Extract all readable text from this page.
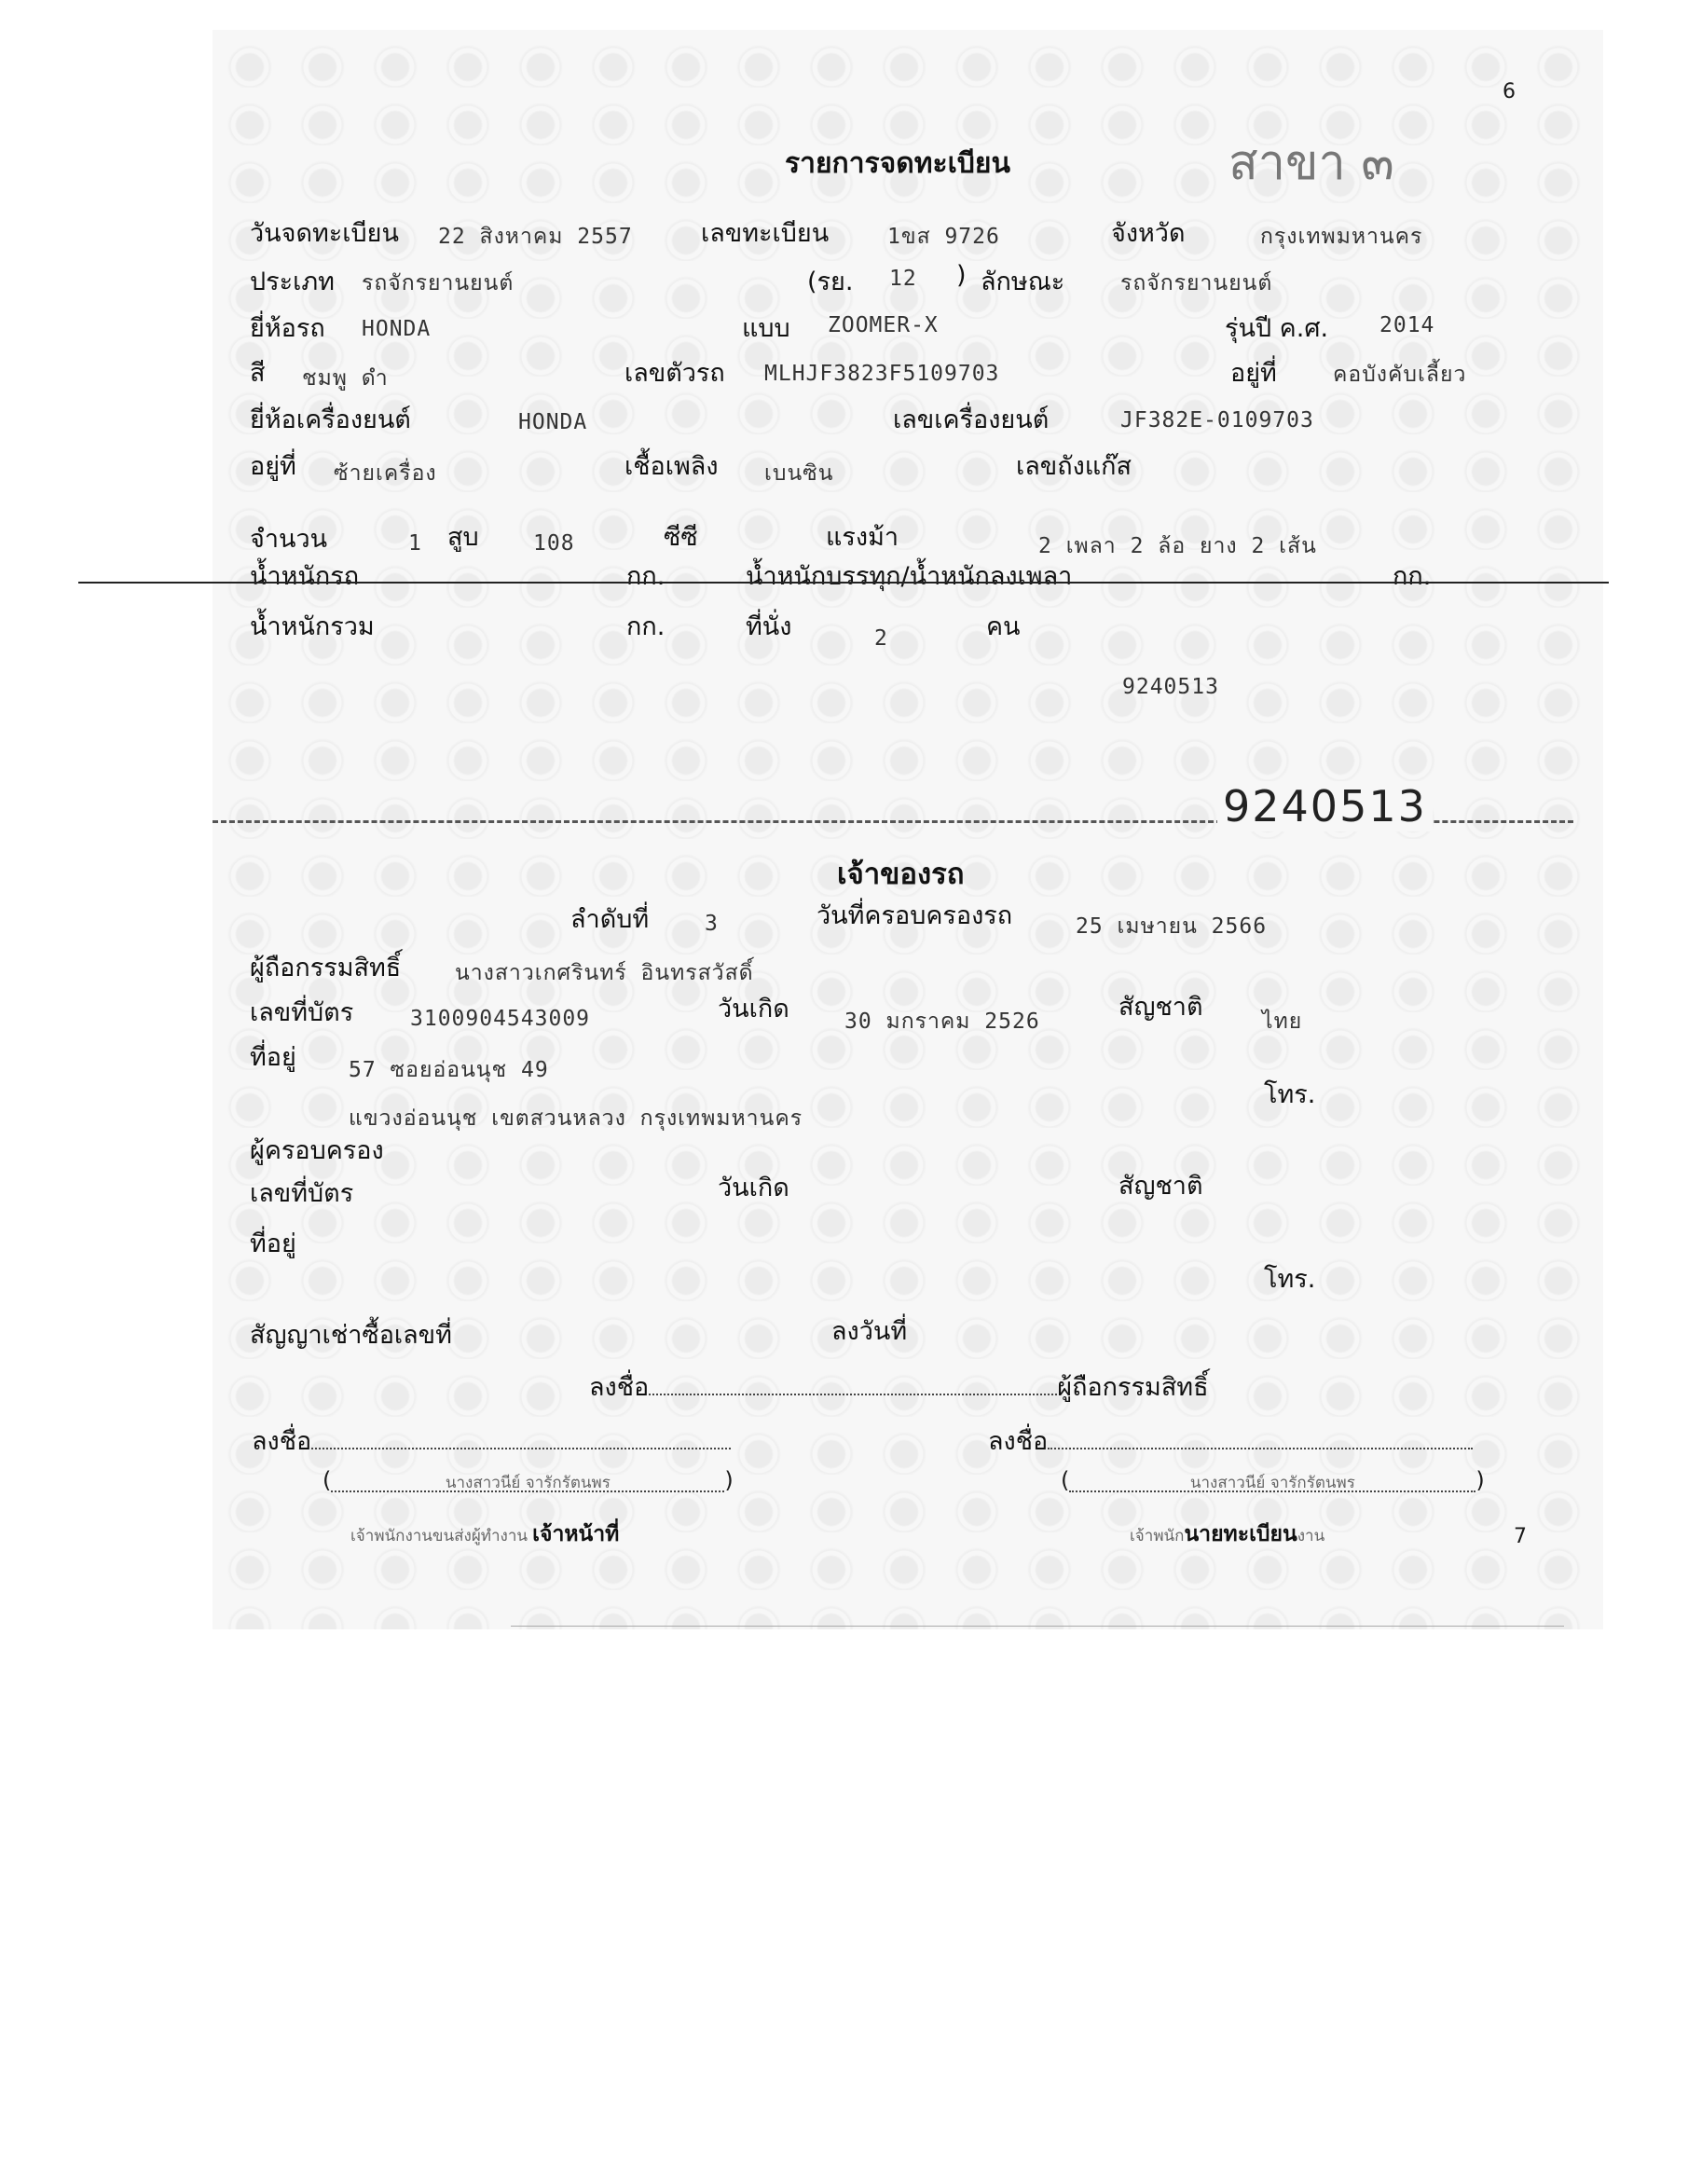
6
7
สาขา ๓
รายการจดทะเบียน
วันจดทะเบียน 22 สิงหาคม 2557	เลขทะเบียน	1ขส 9726	จังหวัด	กรุงเทพมหานคร
ประเภท รถจักรยานยนต์	(รย. 12 ) ลักษณะ	รถจักรยานยนต์
ยี่ห้อรถ HONDA	แบบ ZOOMER-X	รุ่นปี ค.ศ. 2014
สี ชมพู ดำ	เลขตัวรถ MLHJF3823F5109703	อยู่ที่	คอบังคับเลี้ยว
ยี่ห้อเครื่องยนต์	HONDA	เลขเครื่องยนต์	JF382E-0109703
อยู่ที่ ซ้ายเครื่อง	เชื้อเพลิง เบนซิน	เลขถังแก๊ส
จำนวน	1 สูบ	108	ซีซี	แรงม้า	2 เพลา 2 ล้อ ยาง 2 เส้น
น้ำหนักรถ	กก.	น้ำหนักบรรทุก/น้ำหนักลงเพลา	กก.
น้ำหนักรวม	กก.	ที่นั่ง	2	คน
9240513
9240513
เจ้าของรถ
ลำดับที่	3	วันที่ครอบครองรถ	25 เมษายน 2566
ผู้ถือกรรมสิทธิ์	นางสาวเกศรินทร์ อินทรสวัสดิ์
เลขที่บัตร	3100904543009	วันเกิด	30 มกราคม 2526	สัญชาติ	ไทย
ที่อยู่ 57 ซอยอ่อนนุช 49
โทร.
แขวงอ่อนนุช เขตสวนหลวง กรุงเทพมหานคร
ผู้ครอบครอง
เลขที่บัตร	วันเกิด	สัญชาติ
ที่อยู่
โทร.
สัญญาเช่าซื้อเลขที่	ลงวันที่
ลงชื่อ	ผู้ถือกรรมสิทธิ์
ลงชื่อ
(	นางสาวนีย์ จารักรัตนพร	)
เจ้าพนักงานขนส่งผู้ทำงาน เจ้าหน้าที่
ลงชื่อ
(	นางสาวนีย์ จารักรัตนพร	)
เจ้าพนักนายทะเบียนงาน
